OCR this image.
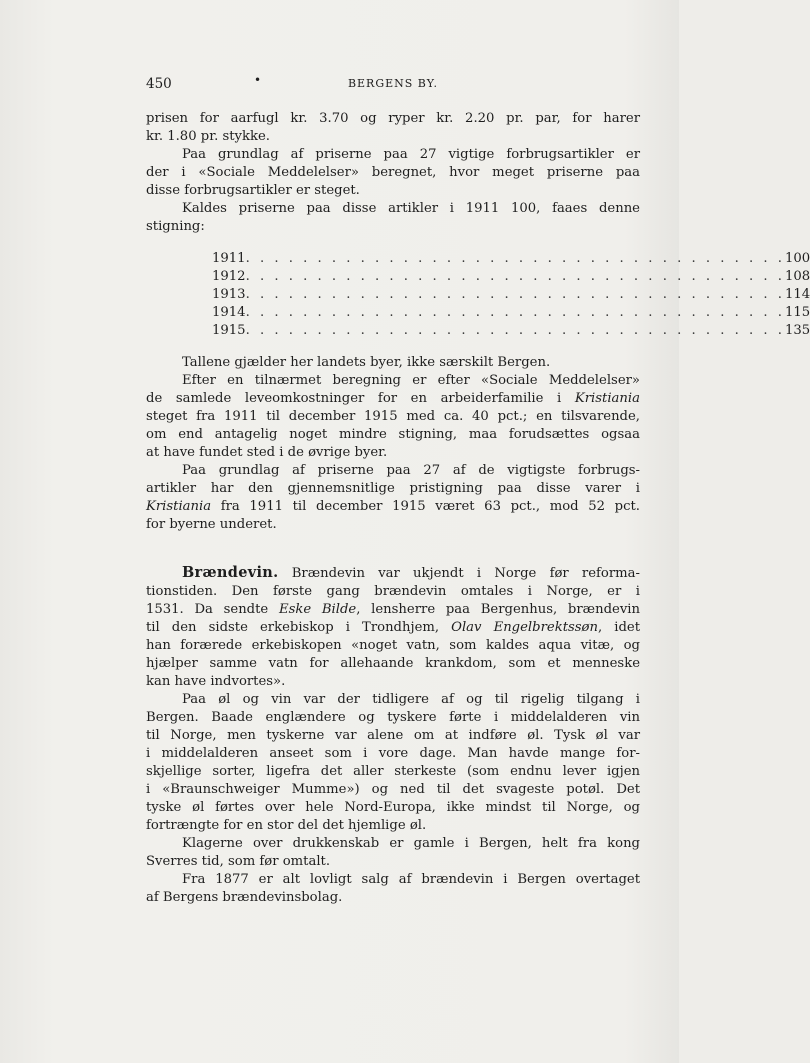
450	•	BERGENS BY.

prisen for aarfugl kr. 3.70 og ryper kr. 2.20 pr. par, for harer
kr. 1.80 pr. stykke.

Paa grundlag af priserne paa 27 vigtige forbrugsartikler er
der i «Sociale Meddelelser» beregnet, hvor meget priserne paa
disse forbrugsartikler er steget.

Kaldes priserne paa disse artikler i 1911 100, faaes denne
stigning:

1911 . . . . . . . . . . . . . . . . . . . . . . . . . . . . . . . . . . . . . . 100
1912 . . . . . . . . . . . . . . . . . . . . . . . . . . . . . . . . . . . . . . 108
1913 . . . . . . . . . . . . . . . . . . . . . . . . . . . . . . . . . . . . . . 114
1914 . . . . . . . . . . . . . . . . . . . . . . . . . . . . . . . . . . . . . . 115
1915 . . . . . . . . . . . . . . . . . . . . . . . . . . . . . . . . . . . . . . 135

Tallene gjælder her landets byer, ikke særskilt Bergen.

Efter en tilnærmet beregning er efter «Sociale Meddelelser»
de samlede leveomkostninger for en arbeiderfamilie i Kristiania
steget fra 1911 til december 1915 med ca. 40 pct.; en tilsvarende,
om end antagelig noget mindre stigning, maa forudsættes ogsaa
at have fundet sted i de øvrige byer.

Paa grundlag af priserne paa 27 af de vigtigste forbrugs-
artikler har den gjennemsnitlige pristigning paa disse varer i
Kristiania fra 1911 til december 1915 været 63 pct., mod 52 pct.
for byerne underet.

Brændevin. Brændevin var ukjendt i Norge før reforma-
tionstiden. Den første gang brændevin omtales i Norge, er i
1531. Da sendte Eske Bilde, lensherre paa Bergenhus, brændevin
til den sidste erkebiskop i Trondhjem, Olav Engelbrektssøn, idet
han forærede erkebiskopen «noget vatn, som kaldes aqua vitæ, og
hjælper samme vatn for allehaande krankdom, som et menneske
kan have indvortes».

Paa øl og vin var der tidligere af og til rigelig tilgang i
Bergen. Baade englændere og tyskere førte i middelalderen vin
til Norge, men tyskerne var alene om at indføre øl. Tysk øl var
i middelalderen anseet som i vore dage. Man havde mange for-
skjellige sorter, ligefra det aller sterkeste (som endnu lever igjen
i «Braunschweiger Mumme») og ned til det svageste potøl. Det
tyske øl førtes over hele Nord-Europa, ikke mindst til Norge, og
fortrængte for en stor del det hjemlige øl.

Klagerne over drukkenskab er gamle i Bergen, helt fra kong
Sverres tid, som før omtalt.

Fra 1877 er alt lovligt salg af brændevin i Bergen overtaget
af Bergens brændevinsbolag.
